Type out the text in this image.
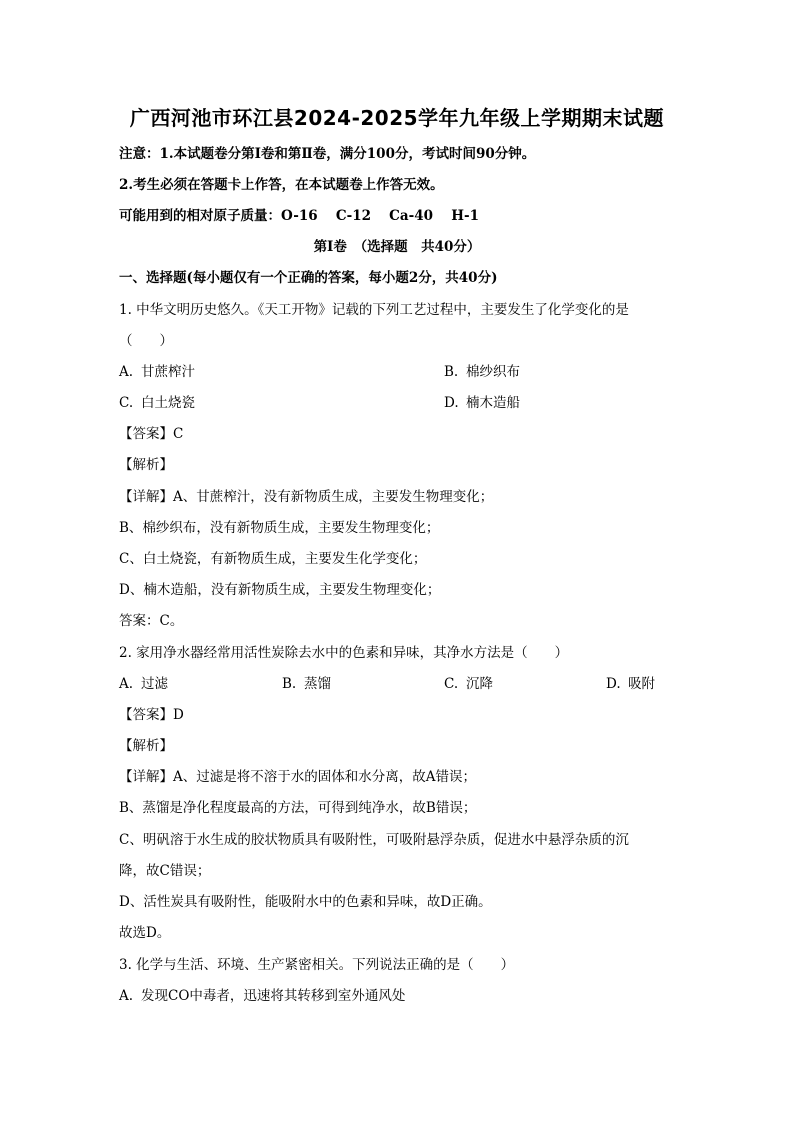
广西河池市环江县2024-2025学年九年级上学期期末试题
注意：1.本试题卷分第Ⅰ卷和第Ⅱ卷，满分100分，考试时间90分钟。
2.考生必须在答题卡上作答，在本试题卷上作答无效。
可能用到的相对原子质量：O-16　 C-12　 Ca-40　 H-1
第Ⅰ卷　（选择题　共40分）
一、选择题(每小题仅有一个正确的答案，每小题2分，共40分)
1. 中华文明历史悠久。《天工开物》记载的下列工艺过程中，主要发生了化学变化的是
（　　）
A. 甘蔗榨汁	B. 棉纱织布
C. 白土烧瓷	D. 楠木造船
【答案】C
【解析】
【详解】A、甘蔗榨汁，没有新物质生成，主要发生物理变化；
B、棉纱织布，没有新物质生成，主要发生物理变化；
C、白土烧瓷，有新物质生成，主要发生化学变化；
D、楠木造船，没有新物质生成，主要发生物理变化；
答案：C。
2. 家用净水器经常用活性炭除去水中的色素和异味，其净水方法是（　　）
A. 过滤	B. 蒸馏	C. 沉降	D. 吸附
【答案】D
【解析】
【详解】A、过滤是将不溶于水的固体和水分离，故A错误；
B、蒸馏是净化程度最高的方法，可得到纯净水，故B错误；
C、明矾溶于水生成的胶状物质具有吸附性，可吸附悬浮杂质，促进水中悬浮杂质的沉
降，故C错误；
D、活性炭具有吸附性，能吸附水中的色素和异味，故D正确。
故选D。
3. 化学与生活、环境、生产紧密相关。下列说法正确的是（　　）
A. 发现CO中毒者，迅速将其转移到室外通风处
